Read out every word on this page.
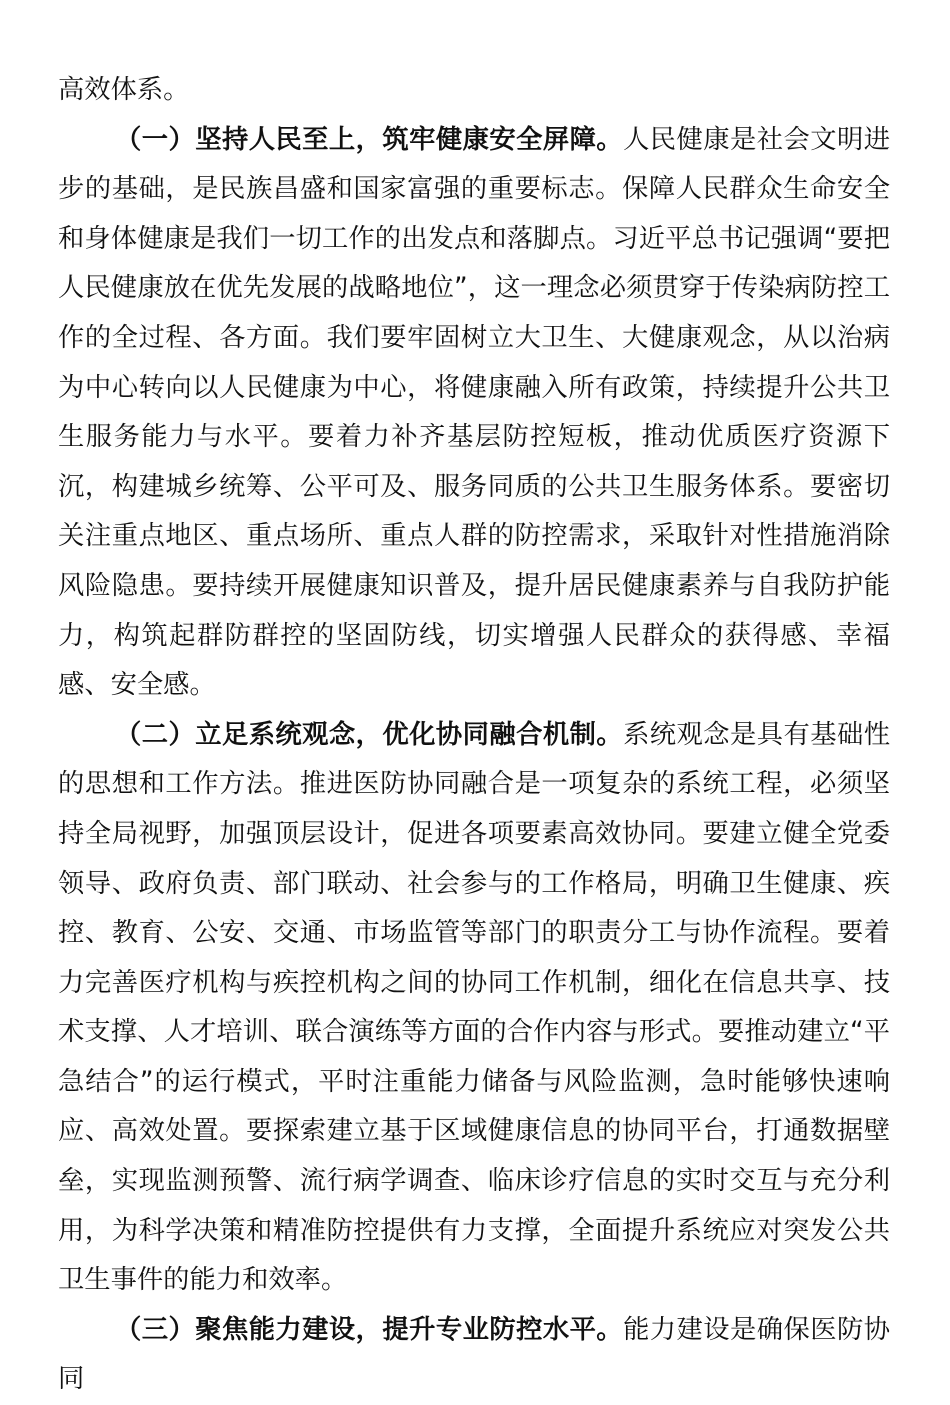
高效体系。

（一）坚持人民至上，筑牢健康安全屏障。人民健康是社会文明进步的基础，是民族昌盛和国家富强的重要标志。保障人民群众生命安全和身体健康是我们一切工作的出发点和落脚点。习近平总书记强调“要把人民健康放在优先发展的战略地位”，这一理念必须贯穿于传染病防控工作的全过程、各方面。我们要牢固树立大卫生、大健康观念，从以治病为中心转向以人民健康为中心，将健康融入所有政策，持续提升公共卫生服务能力与水平。要着力补齐基层防控短板，推动优质医疗资源下沉，构建城乡统筹、公平可及、服务同质的公共卫生服务体系。要密切关注重点地区、重点场所、重点人群的防控需求，采取针对性措施消除风险隐患。要持续开展健康知识普及，提升居民健康素养与自我防护能力，构筑起群防群控的坚固防线，切实增强人民群众的获得感、幸福感、安全感。

（二）立足系统观念，优化协同融合机制。系统观念是具有基础性的思想和工作方法。推进医防协同融合是一项复杂的系统工程，必须坚持全局视野，加强顶层设计，促进各项要素高效协同。要建立健全党委领导、政府负责、部门联动、社会参与的工作格局，明确卫生健康、疾控、教育、公安、交通、市场监管等部门的职责分工与协作流程。要着力完善医疗机构与疾控机构之间的协同工作机制，细化在信息共享、技术支撑、人才培训、联合演练等方面的合作内容与形式。要推动建立“平急结合”的运行模式，平时注重能力储备与风险监测，急时能够快速响应、高效处置。要探索建立基于区域健康信息的协同平台，打通数据壁垒，实现监测预警、流行病学调查、临床诊疗信息的实时交互与充分利用，为科学决策和精准防控提供有力支撑，全面提升系统应对突发公共卫生事件的能力和效率。

（三）聚焦能力建设，提升专业防控水平。能力建设是确保医防协同
